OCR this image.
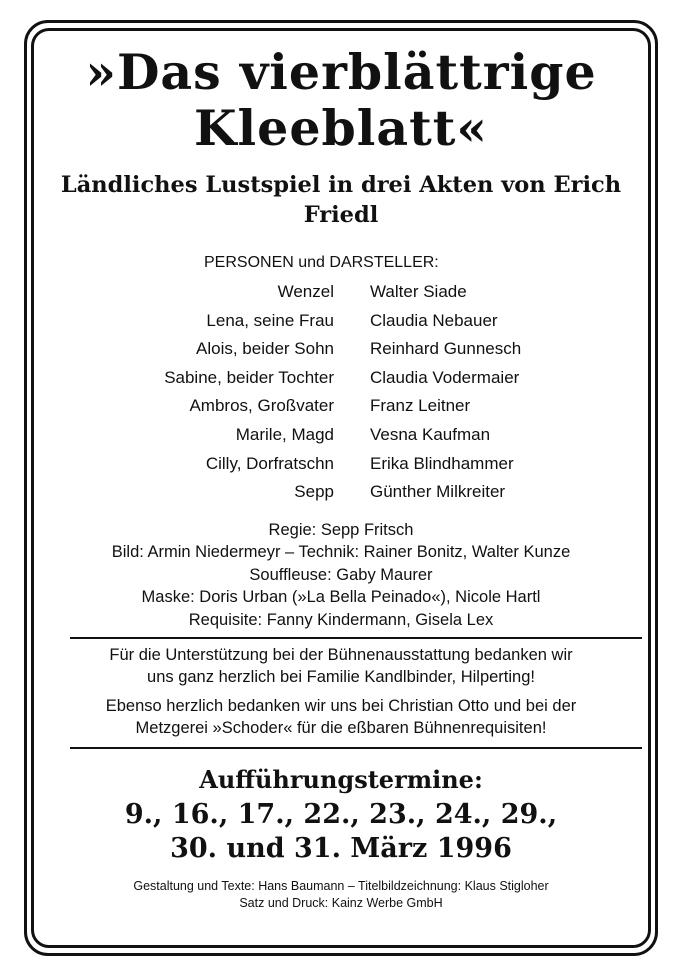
»Das vierblättrige
Kleeblatt«
Ländliches Lustspiel in drei Akten von Erich
Friedl
PERSONEN und DARSTELLER:
Wenzel Walter Siade
Lena, seine Frau Claudia Nebauer
Alois, beider Sohn Reinhard Gunnesch
Sabine, beider Tochter Claudia Vodermaier
Ambros, Großvater Franz Leitner
Marile, Magd Vesna Kaufman
Cilly, Dorfratschn Erika Blindhammer
Sepp Günther Milkreiter
Regie: Sepp Fritsch
Bild: Armin Niedermeyr – Technik: Rainer Bonitz, Walter Kunze
Souffleuse: Gaby Maurer
Maske: Doris Urban (»La Bella Peinado«), Nicole Hartl
Requisite: Fanny Kindermann, Gisela Lex
Für die Unterstützung bei der Bühnenausstattung bedanken wir
uns ganz herzlich bei Familie Kandlbinder, Hilperting!
Ebenso herzlich bedanken wir uns bei Christian Otto und bei der
Metzgerei »Schoder« für die eßbaren Bühnenrequisiten!
Aufführungstermine:
9., 16., 17., 22., 23., 24., 29.,
30. und 31. März 1996
Gestaltung und Texte: Hans Baumann – Titelbildzeichnung: Klaus Stigloher
Satz und Druck: Kainz Werbe GmbH
